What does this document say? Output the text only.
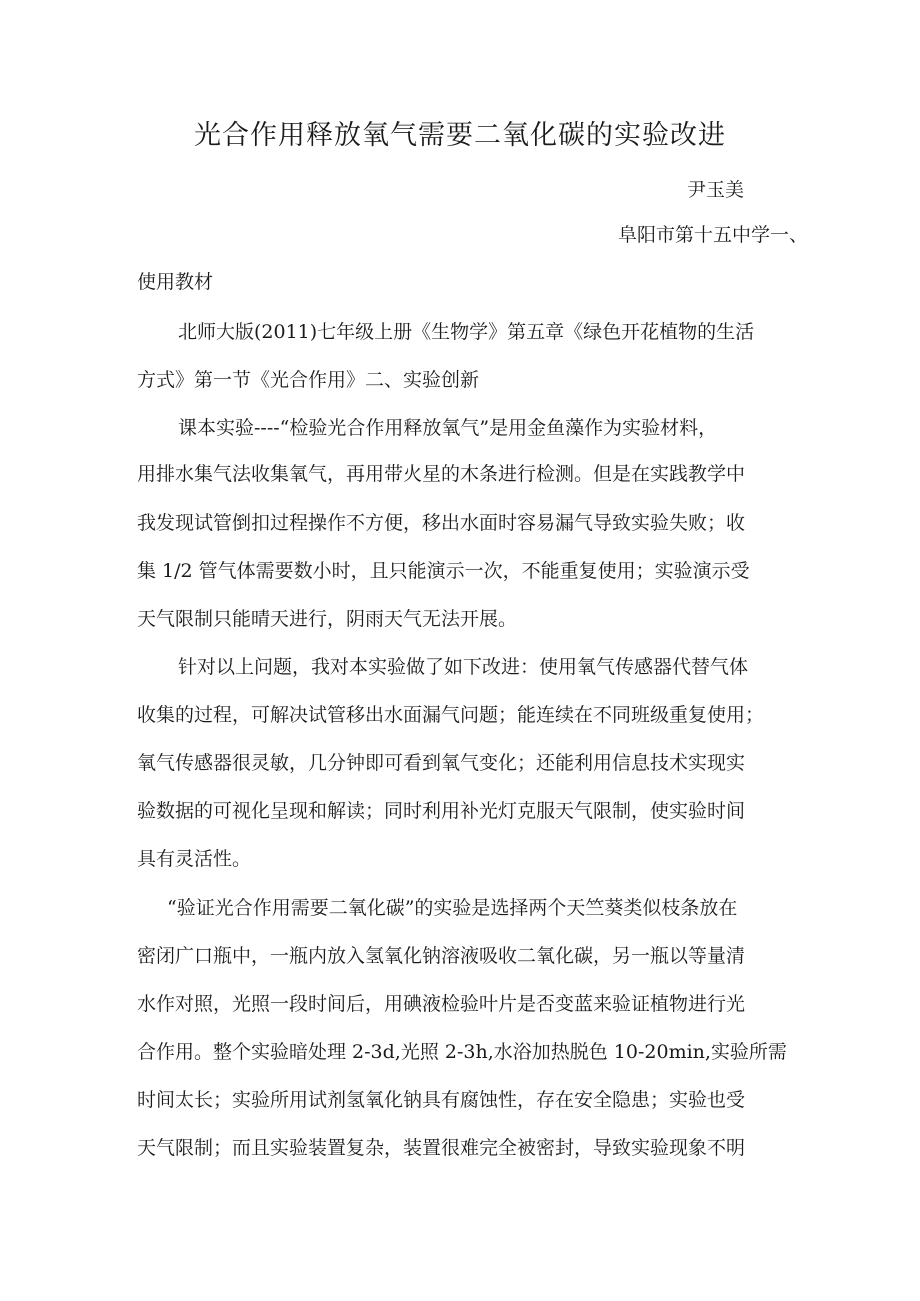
光合作用释放氧气需要二氧化碳的实验改进
尹玉美
阜阳市第十五中学一、
使用教材
北师大版(2011)七年级上册《生物学》第五章《绿色开花植物的生活
方式》第一节《光合作用》二、实验创新
课本实验----“检验光合作用释放氧气”是用金鱼藻作为实验材料，
用排水集气法收集氧气，再用带火星的木条进行检测。但是在实践教学中
我发现试管倒扣过程操作不方便，移出水面时容易漏气导致实验失败；收
集 1/2 管气体需要数小时，且只能演示一次，不能重复使用；实验演示受
天气限制只能晴天进行，阴雨天气无法开展。
针对以上问题，我对本实验做了如下改进：使用氧气传感器代替气体
收集的过程，可解决试管移出水面漏气问题；能连续在不同班级重复使用；
氧气传感器很灵敏，几分钟即可看到氧气变化；还能利用信息技术实现实
验数据的可视化呈现和解读；同时利用补光灯克服天气限制，使实验时间
具有灵活性。
“验证光合作用需要二氧化碳”的实验是选择两个天竺葵类似枝条放在
密闭广口瓶中，一瓶内放入氢氧化钠溶液吸收二氧化碳，另一瓶以等量清
水作对照，光照一段时间后，用碘液检验叶片是否变蓝来验证植物进行光
合作用。整个实验暗处理 2-3d,光照 2-3h,水浴加热脱色 10-20min,实验所需
时间太长；实验所用试剂氢氧化钠具有腐蚀性，存在安全隐患；实验也受
天气限制；而且实验装置复杂，装置很难完全被密封，导致实验现象不明
